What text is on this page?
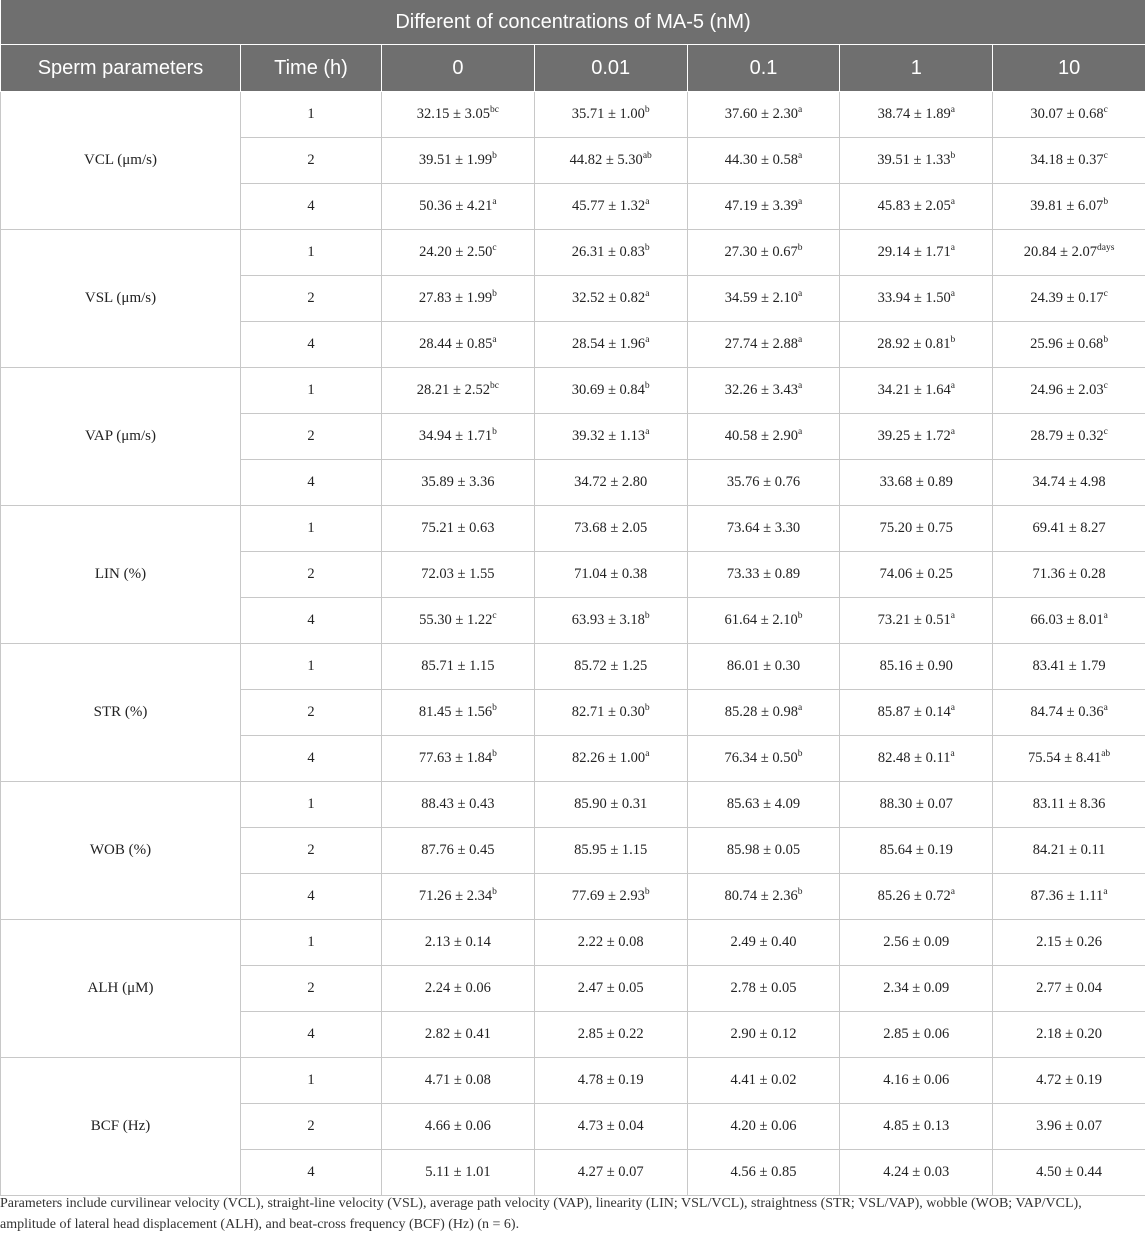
Different of concentrations of MA-5 (nM)						
Sperm parameters	Time (h)	0	0.01	0.1	1	10
VCL (μm/s)	1	32.15 ± 3.05$^{bc}$	35.71 ± 1.00$^b$	37.60 ± 2.30$^a$	38.74 ± 1.89$^a$	30.07 ± 0.68$^c$
	2	39.51 ± 1.99$^b$	44.82 ± 5.30$^{ab}$	44.30 ± 0.58$^a$	39.51 ± 1.33$^b$	34.18 ± 0.37$^c$
	4	50.36 ± 4.21$^a$	45.77 ± 1.32$^a$	47.19 ± 3.39$^a$	45.83 ± 2.05$^a$	39.81 ± 6.07$^b$
VSL (μm/s)	1	24.20 ± 2.50$^c$	26.31 ± 0.83$^b$	27.30 ± 0.67$^b$	29.14 ± 1.71$^a$	$20.84 \pm 2.07^{days}$
	2	27.83 ± 1.99$^b$	32.52 ± 0.82$^a$	34.59 ± 2.10$^a$	33.94 ± 1.50$^a$	24.39 ± 0.17$^c$
	4	28.44 ± 0.85$^a$	28.54 ± 1.96$^a$	27.74 ± 2.88$^a$	28.92 ± 0.81$^b$	25.96 ± 0.68$^b$
VAP (μm/s)	1	28.21 ± 2.52$^{bc}$	30.69 ± 0.84$^b$	32.26 ± 3.43$^a$	34.21 ± 1.64$^a$	24.96 ± 2.03$^c$
	2	34.94 ± 1.71$^b$	39.32 ± 1.13$^a$	40.58 ± 2.90$^a$	39.25 ± 1.72$^a$	28.79 ± 0.32$^c$
	4	35.89 ± 3.36	34.72 ± 2.80	35.76 ± 0.76	33.68 ± 0.89	34.74 ± 4.98
LIN (%)	1	75.21 ± 0.63	73.68 ± 2.05	73.64 ± 3.30	75.20 ± 0.75	69.41 ± 8.27
	2	72.03 ± 1.55	71.04 ± 0.38	73.33 ± 0.89	74.06 ± 0.25	71.36 ± 0.28
	4	55.30 ± 1.22$^c$	63.93 ± 3.18$^b$	61.64 ± 2.10$^b$	73.21 ± 0.51$^a$	66.03 ± 8.01$^a$
STR (%)	1	85.71 ± 1.15	85.72 ± 1.25	86.01 ± 0.30	85.16 ± 0.90	83.41 ± 1.79
	2	81.45 ± 1.56$^b$	82.71 ± 0.30$^b$	85.28 ± 0.98$^a$	85.87 ± 0.14$^a$	84.74 ± 0.36$^a$
	4	77.63 ± 1.84$^b$	82.26 ± 1.00$^a$	76.34 ± 0.50$^b$	82.48 ± 0.11$^a$	75.54 ± 8.41$^{ab}$
WOB (%)	1	88.43 ± 0.43	85.90 ± 0.31	85.63 ± 4.09	88.30 ± 0.07	83.11 ± 8.36
	2	87.76 ± 0.45	85.95 ± 1.15	85.98 ± 0.05	85.64 ± 0.19	84.21 ± 0.11
	4	71.26 ± 2.34$^b$	77.69 ± 2.93$^b$	80.74 ± 2.36$^b$	85.26 ± 0.72$^a$	87.36 ± 1.11$^a$
ALH (μM)	1	2.13 ± 0.14	2.22 ± 0.08	2.49 ± 0.40	2.56 ± 0.09	2.15 ± 0.26
	2	2.24 ± 0.06	2.47 ± 0.05	2.78 ± 0.05	2.34 ± 0.09	2.77 ± 0.04
	4	2.82 ± 0.41	2.85 ± 0.22	2.90 ± 0.12	2.85 ± 0.06	2.18 ± 0.20
BCF (Hz)	1	4.71 ± 0.08	4.78 ± 0.19	4.41 ± 0.02	4.16 ± 0.06	4.72 ± 0.19
	2	4.66 ± 0.06	4.73 ± 0.04	4.20 ± 0.06	4.85 ± 0.13	3.96 ± 0.07
	4	5.11 ± 1.01	4.27 ± 0.07	4.56 ± 0.85	4.24 ± 0.03	4.50 ± 0.44
Parameters include curvilinear velocity (VCL), straight-line velocity (VSL), average path velocity (VAP), linearity (LIN; VSL/VCL), straightness (STR; VSL/VAP), wobble (WOB; VAP/VCL), amplitude of lateral head displacement (ALH), and beat-cross frequency (BCF) (Hz) (n = 6).
